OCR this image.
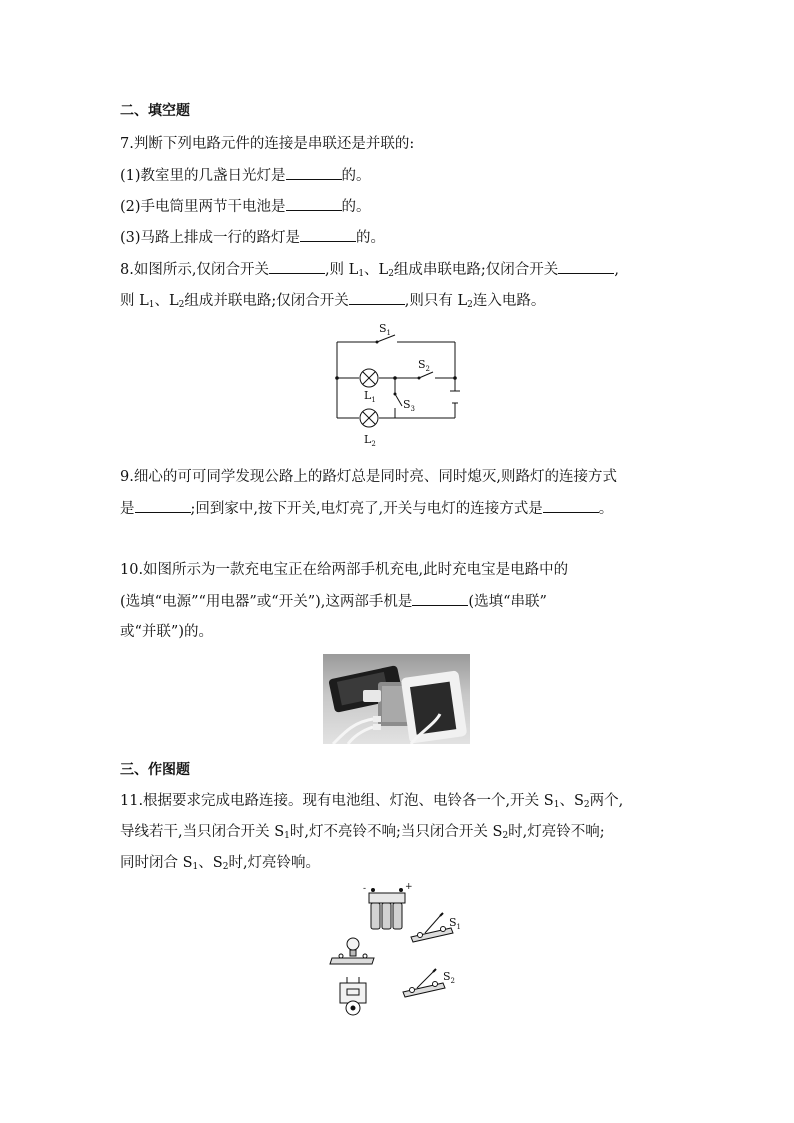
二、填空题
7.判断下列电路元件的连接是串联还是并联的:
(1)教室里的几盏日光灯是	的。
(2)手电筒里两节干电池是	的。
(3)马路上排成一行的路灯是	的。
8.如图所示,仅闭合开关	,则 $L_1$、$L_2$组成串联电路;仅闭合开关	,
则 $L_1$、$L_2$组成并联电路;仅闭合开关	,则只有 $L_2$连入电路。
$S_1$
$S_2$
$S_3$
$L_1$
$L_2$
9.细心的可可同学发现公路上的路灯总是同时亮、同时熄灭,则路灯的连接方式
是	;回到家中,按下开关,电灯亮了,开关与电灯的连接方式是	。
10.如图所示为一款充电宝正在给两部手机充电,此时充电宝是电路中的
(选填“电源”“用电器”或“开关”),这两部手机是	(选填“串联”
或“并联”)的。
三、作图题
11.根据要求完成电路连接。现有电池组、灯泡、电铃各一个,开关 $S_1$、$S_2$两个,
导线若干,当只闭合开关 $S_1$时,灯不亮铃不响;当只闭合开关 $S_2$时,灯亮铃不响;
同时闭合 $S_1$、$S_2$时,灯亮铃响。
-	+
$S_1$
$S_2$
